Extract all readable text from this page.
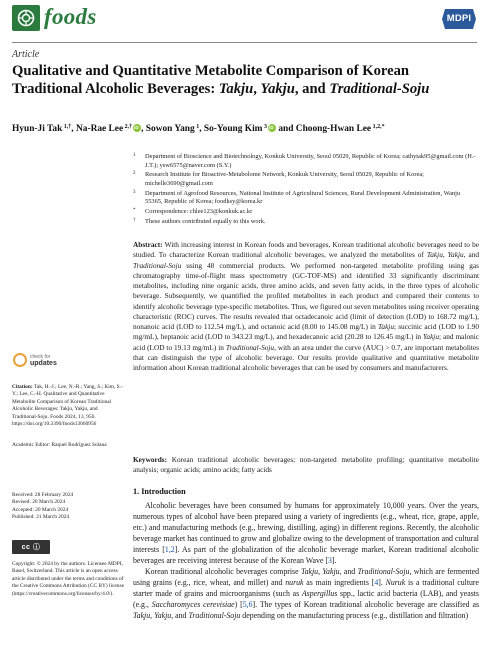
foods	MDPI
Article
Qualitative and Quantitative Metabolite Comparison of Korean Traditional Alcoholic Beverages: Takju, Yakju, and Traditional-Soju
Hyun-Ji Tak $^{1,\dagger}$, Na-Rae Lee $^{2,\dagger}$iD , Sowon Yang $^1$, So-Young Kim $^3$iD and Choong-Hwan Lee $^{1,2,*}$
1 Department of Bioscience and Biotechnology, Konkuk University, Seoul 05029, Republic of Korea; cathytak95@gmail.com (H.-J.T.); ysw6575@naver.com (S.Y.)
2 Research Institute for Bioactive-Metabolome Network, Konkuk University, Seoul 05029, Republic of Korea; michelle3690@gmail.com
3 Department of Agrofood Resources, National Institute of Agricultural Sciences, Rural Development Administration, Wanju 55365, Republic of Korea; foodksy@korea.kr
* Correspondence: chlee123@konkuk.ac.kr
† These authors contributed equally to this work.
Abstract: With increasing interest in Korean foods and beverages, Korean traditional alcoholic beverages need to be studied. To characterize Korean traditional alcoholic beverages, we analyzed the metabolites of Takju, Yakju, and Traditional-Soju using 48 commercial products. We performed non-targeted metabolite profiling using gas chromatography time-of-flight mass spectrometry (GC-TOF-MS) and identified 33 significantly discriminant metabolites, including nine organic acids, three amino acids, and seven fatty acids, in the three types of alcoholic beverage. Subsequently, we quantified the profiled metabolites in each product and compared their contents to identify alcoholic beverage type-specific metabolites. Thus, we figured out seven metabolites using receiver operating characteristic (ROC) curves. The results revealed that octadecanoic acid (limit of detection (LOD) to 168.72 mg/L), nonanoic acid (LOD to 112.54 mg/L), and octanoic acid (8.00 to 145.08 mg/L) in Takju; succinic acid (LOD to 1.90 mg/mL), heptanoic acid (LOD to 343.23 mg/L), and hexadecanoic acid (20.28 to 126.45 mg/L) in Yakju; and malonic acid (LOD to 19.13 mg/mL) in Traditional-Soju, with an area under the curve (AUC) > 0.7, are important metabolites that can distinguish the type of alcoholic beverage. Our results provide qualitative and quantitative metabolite information about Korean traditional alcoholic beverages that can be used by consumers and manufacturers.
Keywords: Korean traditional alcoholic beverages; non-targeted metabolite profiling; quantitative metabolite analysis; organic acids; amino acids; fatty acids
check for
updates
Citation: Tak, H.-J.; Lee, N.-R.; Yang, S.; Kim, S.-Y.; Lee, C.-H. Qualitative and Quantitative Metabolite Comparison of Korean Traditional Alcoholic Beverages: Takju, Yakju, and Traditional-Soju. Foods 2024, 13, 956. https://doi.org/10.3390/foods13060956
Academic Editor: Raquel Rodríguez Solana
Received: 28 February 2024
Revised: 20 March 2024
Accepted: 20 March 2024
Published: 21 March 2024
cc ⓘ
Copyright: © 2024 by the authors. Licensee MDPI, Basel, Switzerland. This article is an open access article distributed under the terms and conditions of the Creative Commons Attribution (CC BY) license (https://creativecommons.org/licenses/by/4.0/).
1. Introduction

Alcoholic beverages have been consumed by humans for approximately 10,000 years. Over the years, numerous types of alcohol have been prepared using a variety of ingredients (e.g., wheat, rice, grape, apple, etc.) and manufacturing methods (e.g., brewing, distilling, aging) in different regions. Recently, the alcoholic beverage market has continued to grow and globalize owing to the development of transportation and cultural interests [1,2]. As part of the globalization of the alcoholic beverage market, Korean traditional alcoholic beverages are receiving interest because of the Korean Wave [3].

Korean traditional alcoholic beverages comprise Takju, Yakju, and Traditional-Soju, which are fermented using grains (e.g., rice, wheat, and millet) and nuruk as main ingredients [4]. Nuruk is a traditional culture starter made of grains and microorganisms (such as Aspergillus spp., lactic acid bacteria (LAB), and yeasts (e.g., Saccharomyces cerevisiae) [5,6]. The types of Korean traditional alcoholic beverage are classified as Takju, Yakju, and Traditional-Soju depending on the manufacturing process (e.g., distillation and filtration)
